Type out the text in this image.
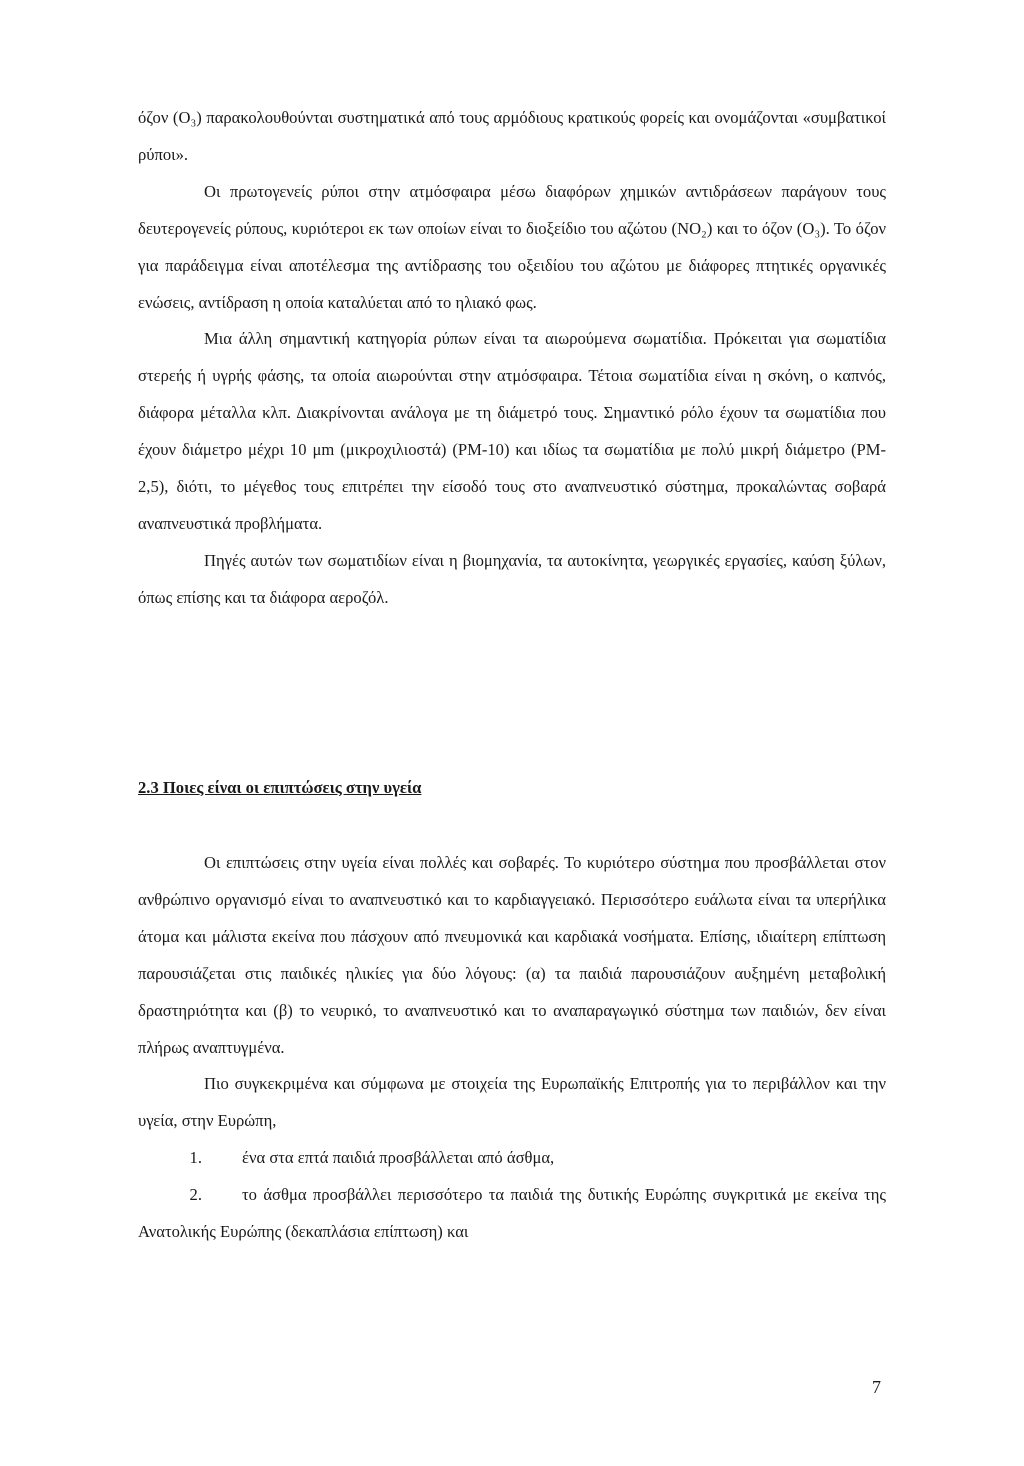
όζον (Ο₃) παρακολουθούνται συστηματικά από τους αρμόδιους κρατικούς φορείς και ονομάζονται «συμβατικοί ρύποι».

Οι πρωτογενείς ρύποι στην ατμόσφαιρα μέσω διαφόρων χημικών αντιδράσεων παράγουν τους δευτερογενείς ρύπους, κυριότεροι εκ των οποίων είναι το διοξείδιο του αζώτου (ΝΟ₂) και το όζον (Ο₃). Το όζον για παράδειγμα είναι αποτέλεσμα της αντίδρασης του οξειδίου του αζώτου με διάφορες πτητικές οργανικές ενώσεις, αντίδραση η οποία καταλύεται από το ηλιακό φως.

Μια άλλη σημαντική κατηγορία ρύπων είναι τα αιωρούμενα σωματίδια. Πρόκειται για σωματίδια στερεής ή υγρής φάσης, τα οποία αιωρούνται στην ατμόσφαιρα. Τέτοια σωματίδια είναι η σκόνη, ο καπνός, διάφορα μέταλλα κλπ. Διακρίνονται ανάλογα με τη διάμετρό τους. Σημαντικό ρόλο έχουν τα σωματίδια που έχουν διάμετρο μέχρι 10 μm (μικροχιλιοστά) (PM-10) και ιδίως τα σωματίδια με πολύ μικρή διάμετρο (PM-2,5), διότι, το μέγεθος τους επιτρέπει την είσοδό τους στο αναπνευστικό σύστημα, προκαλώντας σοβαρά αναπνευστικά προβλήματα.

Πηγές αυτών των σωματιδίων είναι η βιομηχανία, τα αυτοκίνητα, γεωργικές εργασίες, καύση ξύλων, όπως επίσης και τα διάφορα αεροζόλ.

2.3 Ποιες είναι οι επιπτώσεις στην υγεία

Οι επιπτώσεις στην υγεία είναι πολλές και σοβαρές. Το κυριότερο σύστημα που προσβάλλεται στον ανθρώπινο οργανισμό είναι το αναπνευστικό και το καρδιαγγειακό. Περισσότερο ευάλωτα είναι τα υπερήλικα άτομα και μάλιστα εκείνα που πάσχουν από πνευμονικά και καρδιακά νοσήματα. Επίσης, ιδιαίτερη επίπτωση παρουσιάζεται στις παιδικές ηλικίες για δύο λόγους: (α) τα παιδιά παρουσιάζουν αυξημένη μεταβολική δραστηριότητα και (β) το νευρικό, το αναπνευστικό και το αναπαραγωγικό σύστημα των παιδιών, δεν είναι πλήρως αναπτυγμένα.

Πιο συγκεκριμένα και σύμφωνα με στοιχεία της Ευρωπαϊκής Επιτροπής για το περιβάλλον και την υγεία, στην Ευρώπη,

1. ένα στα επτά παιδιά προσβάλλεται από άσθμα,

2. το άσθμα προσβάλλει περισσότερο τα παιδιά της δυτικής Ευρώπης συγκριτικά με εκείνα της Ανατολικής Ευρώπης (δεκαπλάσια επίπτωση) και

7
